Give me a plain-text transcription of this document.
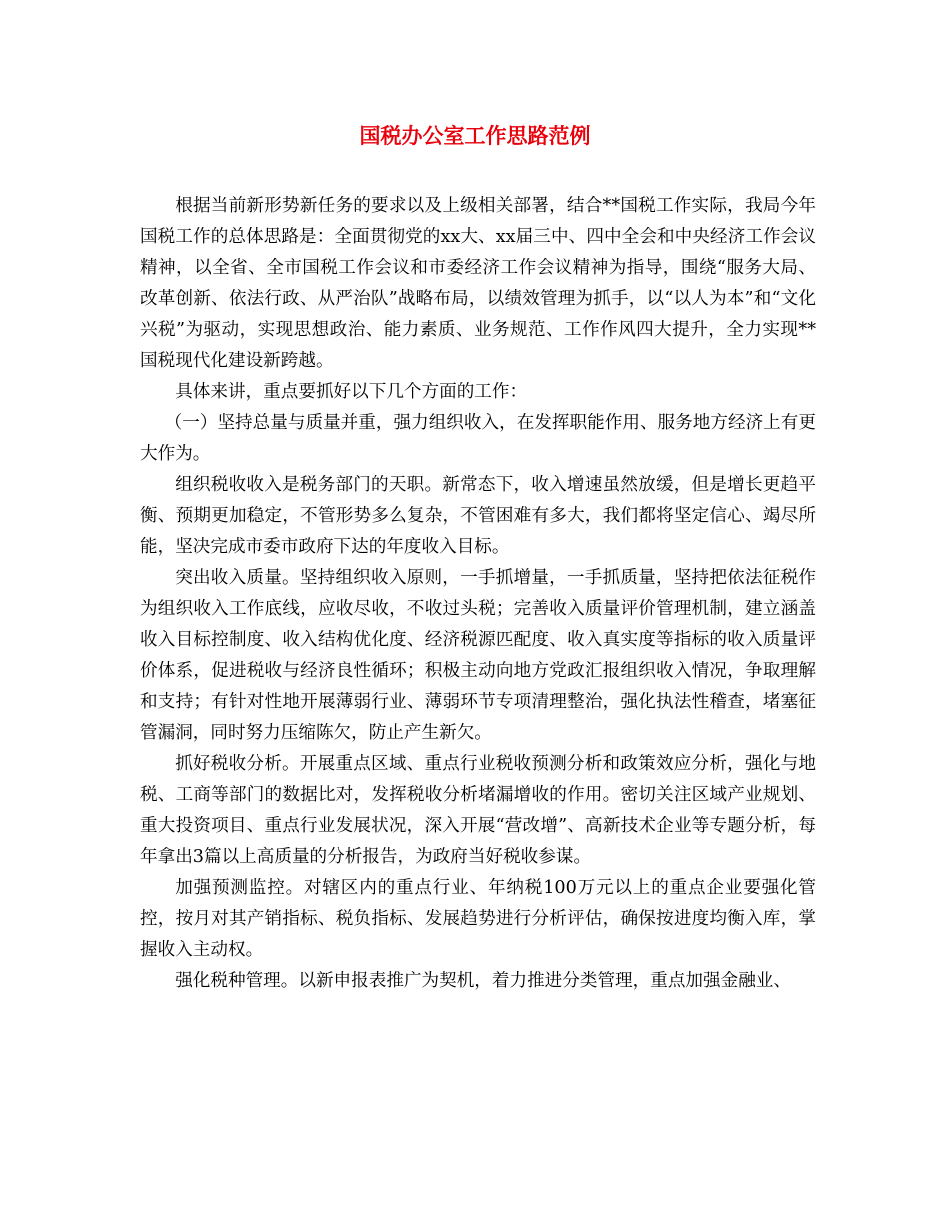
国税办公室工作思路范例

根据当前新形势新任务的要求以及上级相关部署，结合**国税工作实际，我局今年国税工作的总体思路是：全面贯彻党的xx大、xx届三中、四中全会和中央经济工作会议精神，以全省、全市国税工作会议和市委经济工作会议精神为指导，围绕“服务大局、改革创新、依法行政、从严治队”战略布局，以绩效管理为抓手，以“以人为本”和“文化兴税”为驱动，实现思想政治、能力素质、业务规范、工作作风四大提升，全力实现**国税现代化建设新跨越。

具体来讲，重点要抓好以下几个方面的工作：

（一）坚持总量与质量并重，强力组织收入，在发挥职能作用、服务地方经济上有更大作为。

组织税收收入是税务部门的天职。新常态下，收入增速虽然放缓，但是增长更趋平衡、预期更加稳定，不管形势多么复杂，不管困难有多大，我们都将坚定信心、竭尽所能，坚决完成市委市政府下达的年度收入目标。

突出收入质量。坚持组织收入原则，一手抓增量，一手抓质量，坚持把依法征税作为组织收入工作底线，应收尽收，不收过头税；完善收入质量评价管理机制，建立涵盖收入目标控制度、收入结构优化度、经济税源匹配度、收入真实度等指标的收入质量评价体系，促进税收与经济良性循环；积极主动向地方党政汇报组织收入情况，争取理解和支持；有针对性地开展薄弱行业、薄弱环节专项清理整治，强化执法性稽查，堵塞征管漏洞，同时努力压缩陈欠，防止产生新欠。

抓好税收分析。开展重点区域、重点行业税收预测分析和政策效应分析，强化与地税、工商等部门的数据比对，发挥税收分析堵漏增收的作用。密切关注区域产业规划、重大投资项目、重点行业发展状况，深入开展“营改增”、高新技术企业等专题分析，每年拿出3篇以上高质量的分析报告，为政府当好税收参谋。

加强预测监控。对辖区内的重点行业、年纳税100万元以上的重点企业要强化管控，按月对其产销指标、税负指标、发展趋势进行分析评估，确保按进度均衡入库，掌握收入主动权。

强化税种管理。以新申报表推广为契机，着力推进分类管理，重点加强金融业、
